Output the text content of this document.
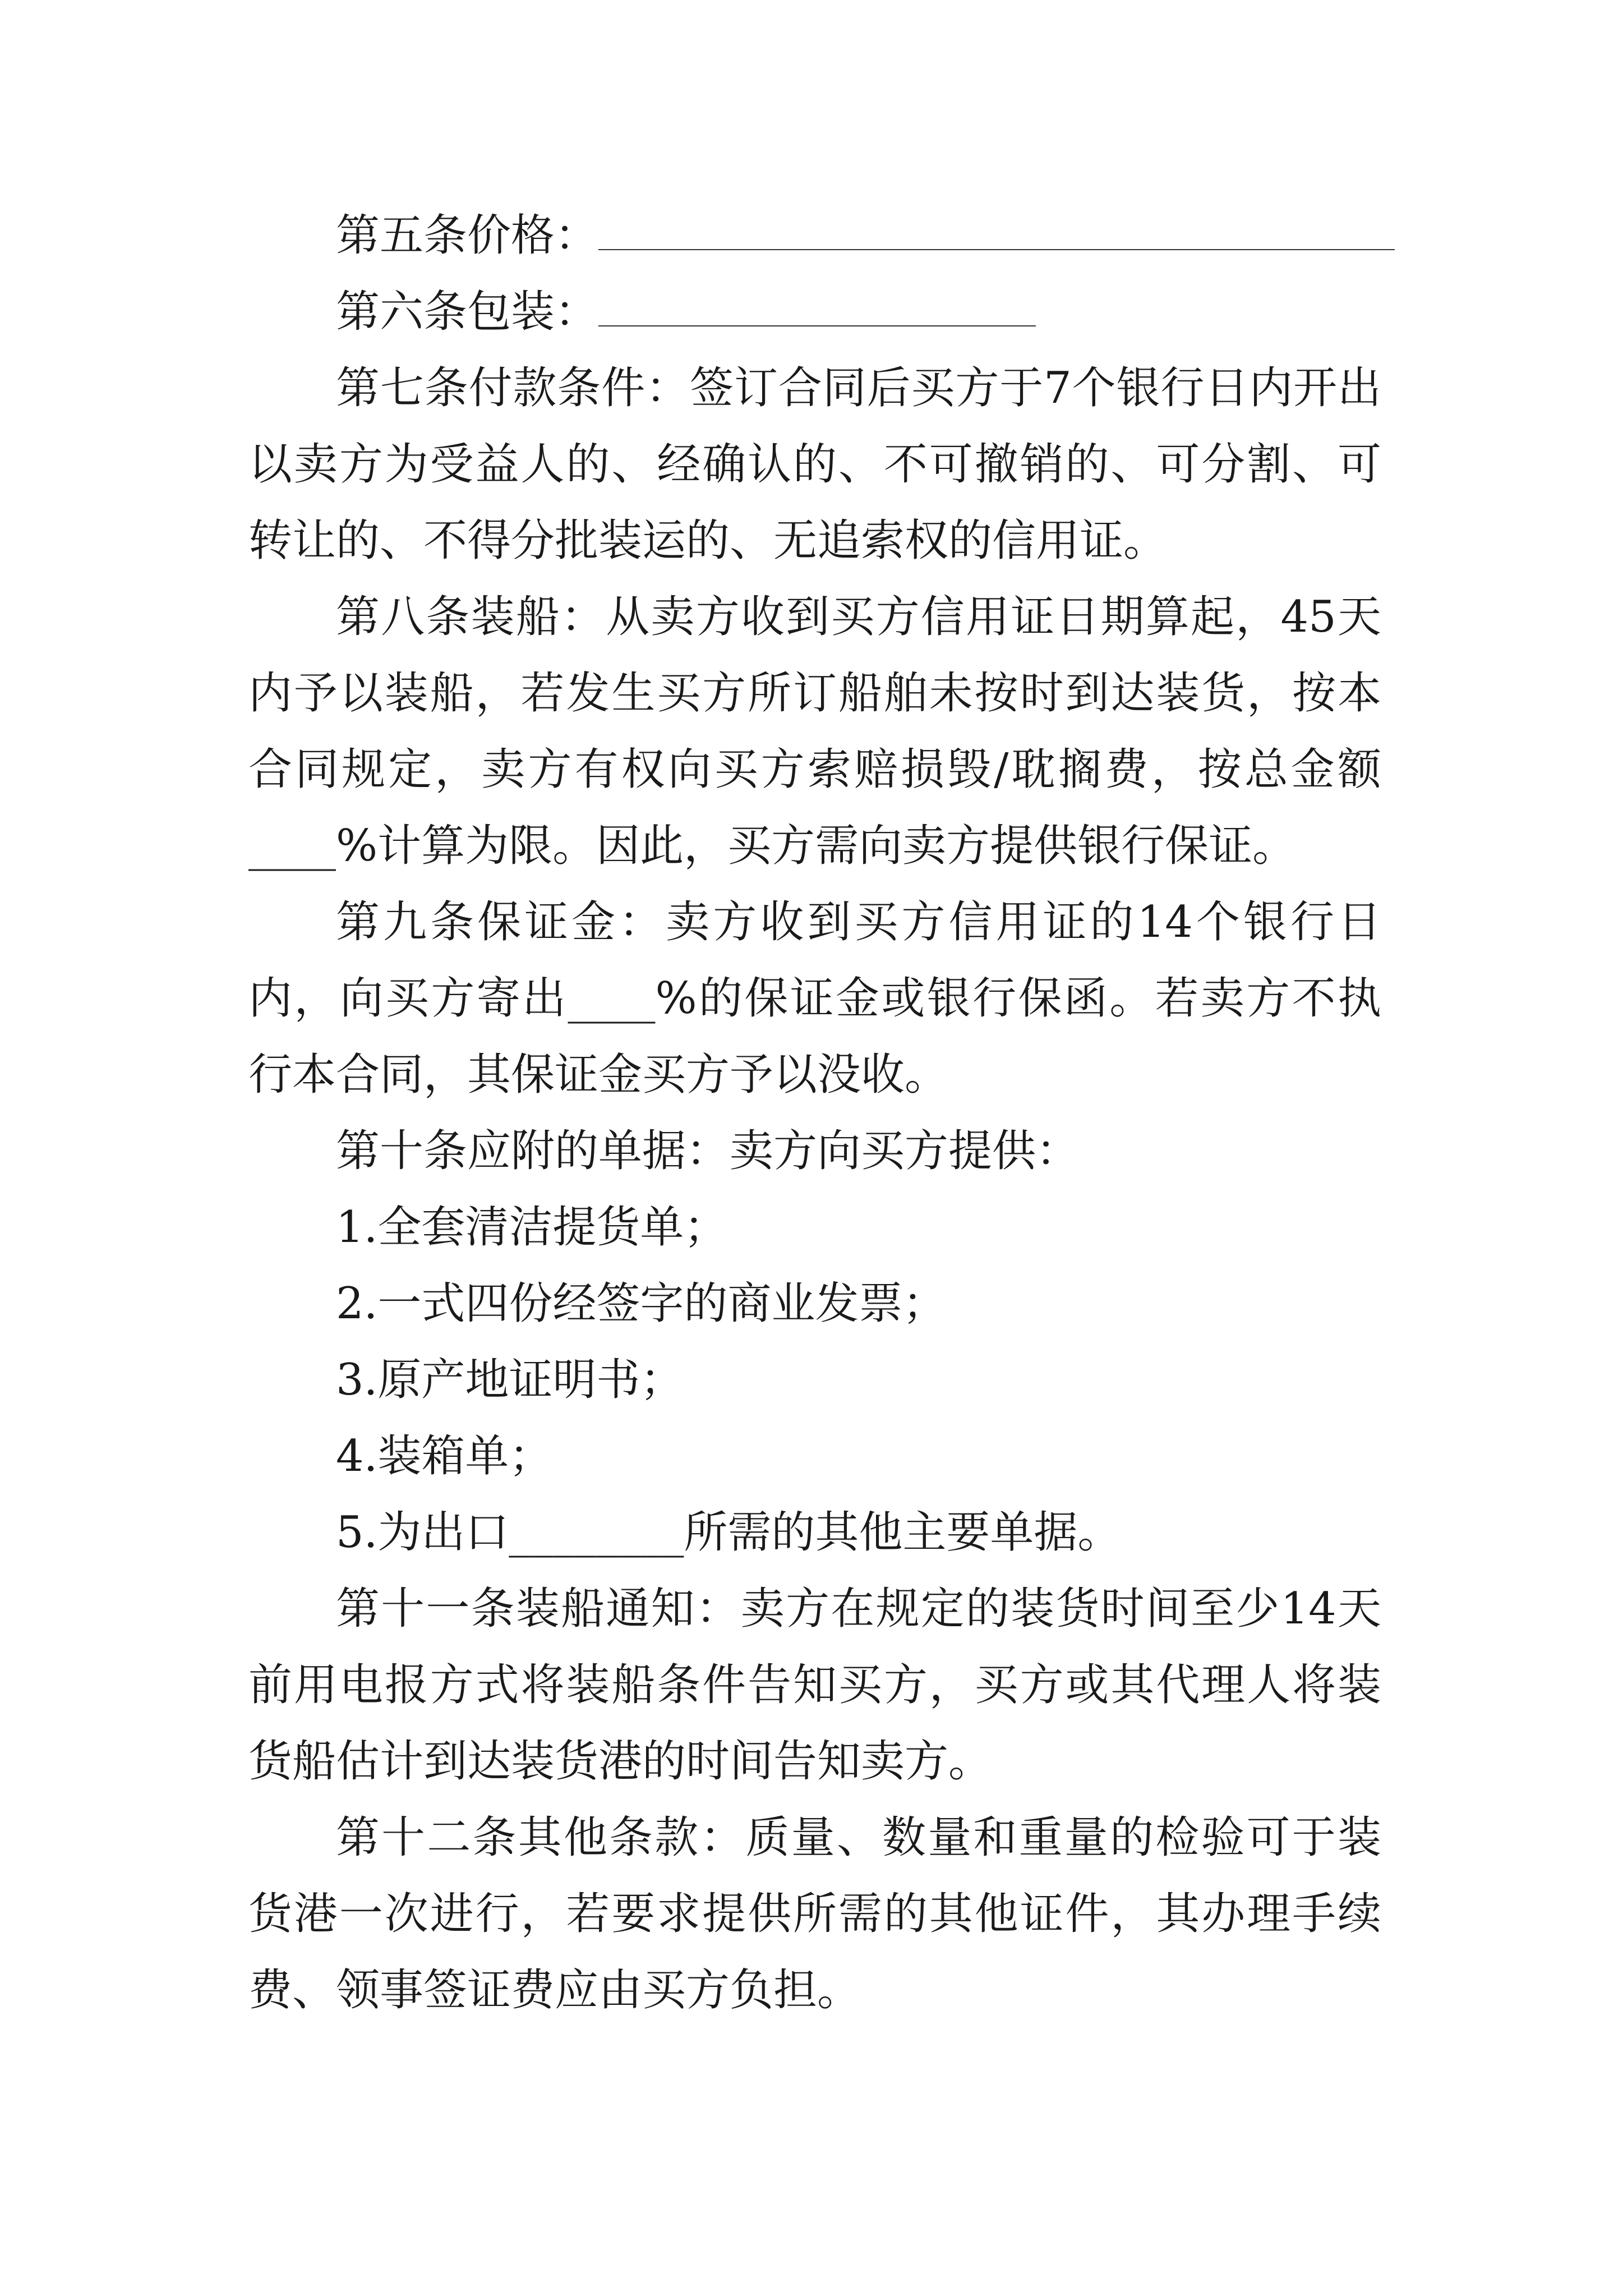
第五条价格：

第六条包装：

第七条付款条件：签订合同后买方于7个银行日内开出以卖方为受益人的、经确认的、不可撤销的、可分割、可转让的、不得分批装运的、无追索权的信用证。

第八条装船：从卖方收到买方信用证日期算起，45天内予以装船，若发生买方所订船舶未按时到达装货，按本合同规定，卖方有权向买方索赔损毁/耽搁费，按总金额____%计算为限。因此，买方需向卖方提供银行保证。

第九条保证金：卖方收到买方信用证的14个银行日内，向买方寄出____%的保证金或银行保函。若卖方不执行本合同，其保证金买方予以没收。

第十条应附的单据：卖方向买方提供：

1.全套清洁提货单；

2.一式四份经签字的商业发票；

3.原产地证明书；

4.装箱单；

5.为出口________所需的其他主要单据。

第十一条装船通知：卖方在规定的装货时间至少14天前用电报方式将装船条件告知买方，买方或其代理人将装货船估计到达装货港的时间告知卖方。

第十二条其他条款：质量、数量和重量的检验可于装货港一次进行，若要求提供所需的其他证件，其办理手续费、领事签证费应由买方负担。
